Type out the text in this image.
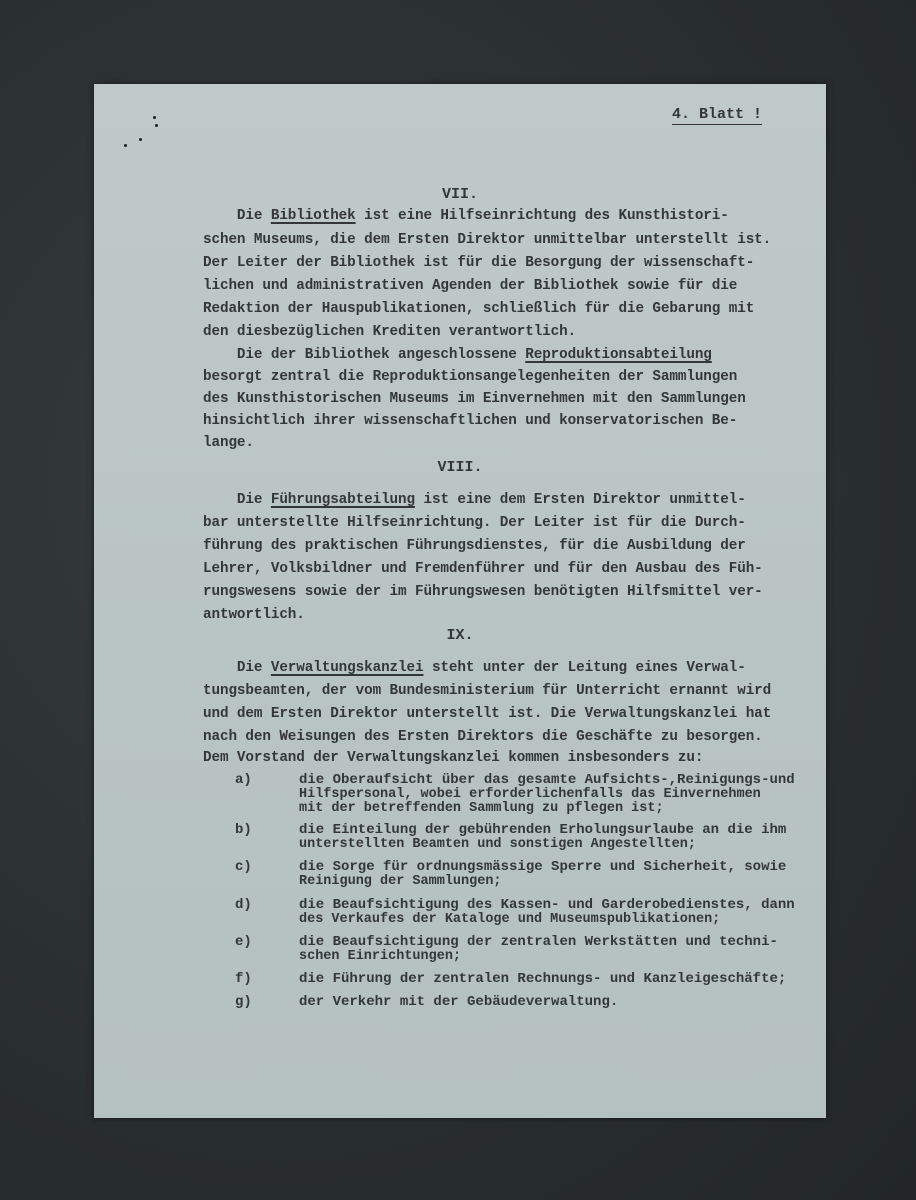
4. Blatt !
VII.
Die Bibliothek ist eine Hilfseinrichtung des Kunsthistori-
schen Museums, die dem Ersten Direktor unmittelbar unterstellt ist.
Der Leiter der Bibliothek ist für die Besorgung der wissenschaft-
lichen und administrativen Agenden der Bibliothek sowie für die
Redaktion der Hauspublikationen, schließlich für die Gebarung mit
den diesbezüglichen Krediten verantwortlich.
Die der Bibliothek angeschlossene Reproduktionsabteilung
besorgt zentral die Reproduktionsangelegenheiten der Sammlungen
des Kunsthistorischen Museums im Einvernehmen mit den Sammlungen
hinsichtlich ihrer wissenschaftlichen und konservatorischen Be-
lange.
VIII.
Die Führungsabteilung ist eine dem Ersten Direktor unmittel-
bar unterstellte Hilfseinrichtung. Der Leiter ist für die Durch-
führung des praktischen Führungsdienstes, für die Ausbildung der
Lehrer, Volksbildner und Fremdenführer und für den Ausbau des Füh-
rungswesens sowie der im Führungswesen benötigten Hilfsmittel ver-
antwortlich.
IX.
Die Verwaltungskanzlei steht unter der Leitung eines Verwal-
tungsbeamten, der vom Bundesministerium für Unterricht ernannt wird
und dem Ersten Direktor unterstellt ist. Die Verwaltungskanzlei hat
nach den Weisungen des Ersten Direktors die Geschäfte zu besorgen.
Dem Vorstand der Verwaltungskanzlei kommen insbesonders zu:
a)	die Oberaufsicht über das gesamte Aufsichts-,Reinigungs-und
Hilfspersonal, wobei erforderlichenfalls das Einvernehmen
mit der betreffenden Sammlung zu pflegen ist;
b)	die Einteilung der gebührenden Erholungsurlaube an die ihm
unterstellten Beamten und sonstigen Angestellten;
c)	die Sorge für ordnungsmässige Sperre und Sicherheit, sowie
Reinigung der Sammlungen;
d)	die Beaufsichtigung des Kassen- und Garderobedienstes, dann
des Verkaufes der Kataloge und Museumspublikationen;
e)	die Beaufsichtigung der zentralen Werkstätten und techni-
schen Einrichtungen;
f)	die Führung der zentralen Rechnungs- und Kanzleigeschäfte;
g)	der Verkehr mit der Gebäudeverwaltung.
